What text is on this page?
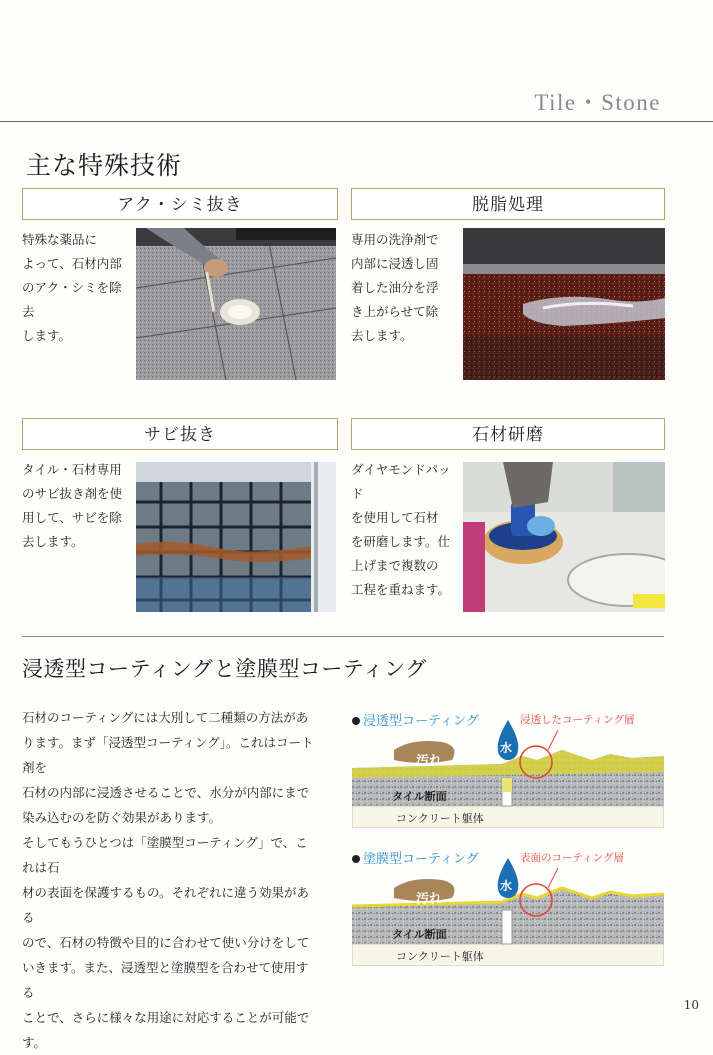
Tile・Stone
主な特殊技術
アク・シミ抜き
特殊な薬品に
よって、石材内部
のアク・シミを除去
します。
脱脂処理
専用の洗浄剤で
内部に浸透し固
着した油分を浮
き上がらせて除
去します。
サビ抜き
タイル・石材専用
のサビ抜き剤を使
用して、サビを除
去します。
石材研磨
ダイヤモンドパッド
を使用して石材
を研磨します。仕
上げまで複数の
工程を重ねます。
浸透型コーティングと塗膜型コーティング

石材のコーティングには大別して二種類の方法があ
ります。まず「浸透型コーティング」。これはコート剤を
石材の内部に浸透させることで、水分が内部にまで
染み込むのを防ぐ効果があります。

そしてもうひとつは「塗膜型コーティング」で、これは石
材の表面を保護するもの。それぞれに違う効果がある
ので、石材の特徴や目的に合わせて使い分けをして
いきます。また、浸透型と塗膜型を合わせて使用する
ことで、さらに様々な用途に対応することが可能です。

浸透型コーティング	浸透したコーティング層
汚れ
水
タイル断面
コンクリート躯体
塗膜型コーティング	表面のコーティング層
汚れ
水
タイル断面
コンクリート躯体
10
